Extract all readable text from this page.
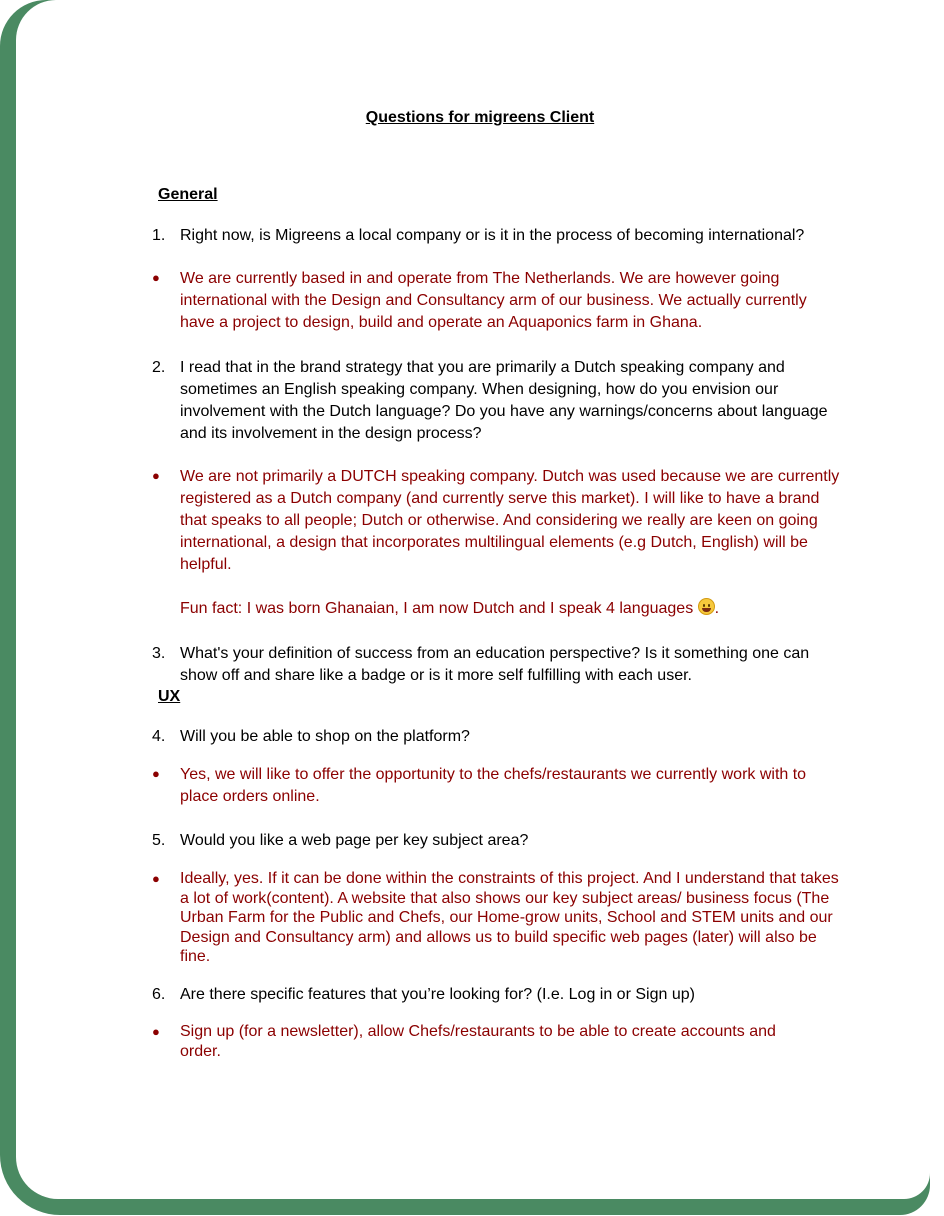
Questions for migreens Client
General
1. Right now, is Migreens a local company or is it in the process of becoming international?
● We are currently based in and operate from The Netherlands. We are however going international with the Design and Consultancy arm of our business. We actually currently have a project to design, build and operate an Aquaponics farm in Ghana.
2. I read that in the brand strategy that you are primarily a Dutch speaking company and sometimes an English speaking company. When designing, how do you envision our involvement with the Dutch language? Do you have any warnings/concerns about language and its involvement in the design process?
● We are not primarily a DUTCH speaking company. Dutch was used because we are currently registered as a Dutch company (and currently serve this market). I will like to have a brand that speaks to all people; Dutch or otherwise. And considering we really are keen on going international, a design that incorporates multilingual elements (e.g Dutch, English) will be helpful.
Fun fact: I was born Ghanaian, I am now Dutch and I speak 4 languages .
3. What's your definition of success from an education perspective? Is it something one can show off and share like a badge or is it more self fulfilling with each user.
UX
4. Will you be able to shop on the platform?
● Yes, we will like to offer the opportunity to the chefs/restaurants we currently work with to place orders online.
5. Would you like a web page per key subject area?
● Ideally, yes. If it can be done within the constraints of this project. And I understand that takes a lot of work(content). A website that also shows our key subject areas/ business focus (The Urban Farm for the Public and Chefs, our Home-grow units, School and STEM units and our Design and Consultancy arm) and allows us to build specific web pages (later) will also be fine.
6. Are there specific features that you’re looking for? (I.e. Log in or Sign up)
● Sign up (for a newsletter), allow Chefs/restaurants to be able to create accounts and order.
